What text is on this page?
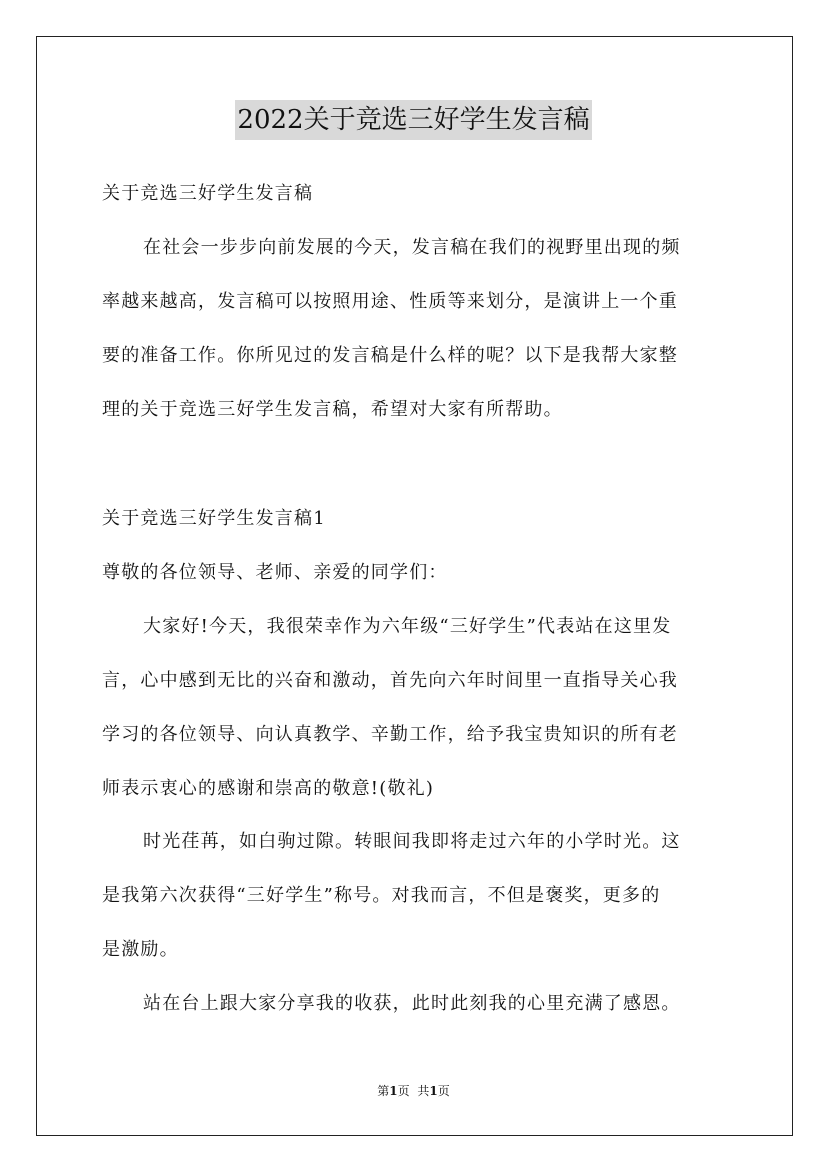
2022关于竞选三好学生发言稿
关于竞选三好学生发言稿
在社会一步步向前发展的今天，发言稿在我们的视野里出现的频
率越来越高，发言稿可以按照用途、性质等来划分，是演讲上一个重
要的准备工作。你所见过的发言稿是什么样的呢？以下是我帮大家整
理的关于竞选三好学生发言稿，希望对大家有所帮助。
关于竞选三好学生发言稿1
尊敬的各位领导、老师、亲爱的同学们：
大家好!今天，我很荣幸作为六年级“三好学生”代表站在这里发
言，心中感到无比的兴奋和激动，首先向六年时间里一直指导关心我
学习的各位领导、向认真教学、辛勤工作，给予我宝贵知识的所有老
师表示衷心的感谢和崇高的敬意!(敬礼)
时光荏苒，如白驹过隙。转眼间我即将走过六年的小学时光。这
是我第六次获得“三好学生”称号。对我而言，不但是褒奖，更多的
是激励。
站在台上跟大家分享我的收获，此时此刻我的心里充满了感恩。
第1页 共1页
